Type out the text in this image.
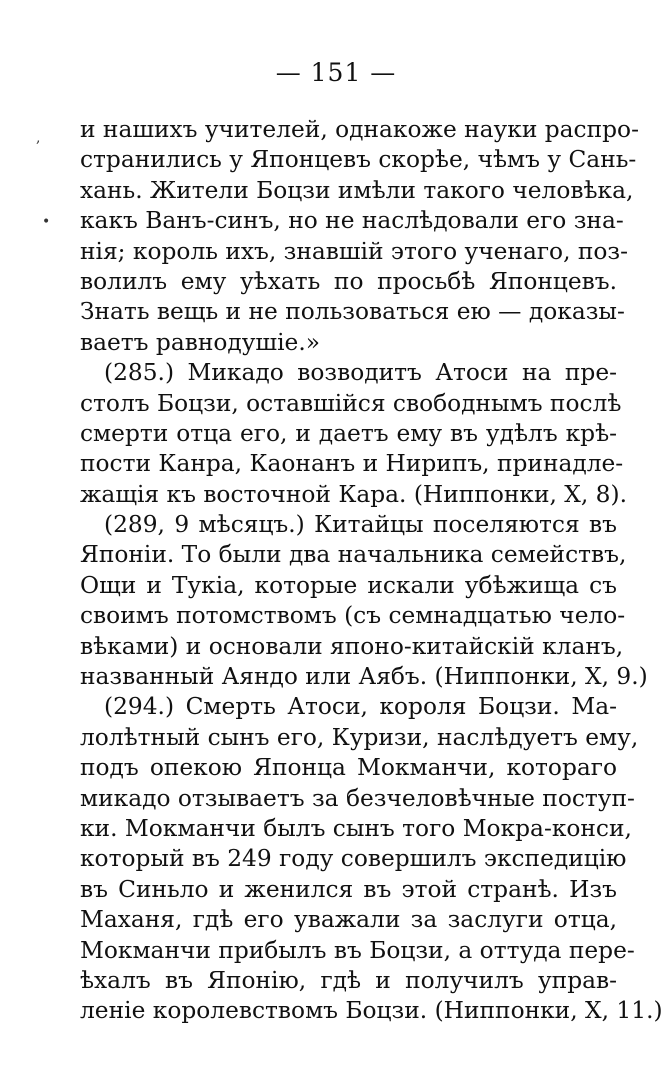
— 151 —
,
•
и нашихъ учителей, однакоже науки распро-
странились у Японцевъ скорѣе, чѣмъ у Сань-
хань. Жители Боцзи имѣли такого человѣка,
какъ Ванъ-синъ, но не наслѣдовали его зна-
нія; король ихъ, знавшій этого ученаго, поз-
волилъ ему уѣхать по просьбѣ Японцевъ.
Знать вещь и не пользоваться ею — доказы-
ваетъ равнодушіе.»
(285.) Микадо возводитъ Атоси на пре-
столъ Боцзи, оставшійся свободнымъ послѣ
смерти отца его, и даетъ ему въ удѣлъ крѣ-
пости Канра, Каонанъ и Нирипъ, принадле-
жащія къ восточной Кара. (Ниппонки, X, 8).
(289, 9 мѣсяцъ.) Китайцы поселяются въ
Японіи. То были два начальника семействъ,
Ощи и Тукіа, которые искали убѣжища съ
своимъ потомствомъ (съ семнадцатью чело-
вѣками) и основали японо-китайскій кланъ,
названный Аяндо или Аябъ. (Ниппонки, X, 9.)
(294.) Смерть Атоси, короля Боцзи. Ма-
лолѣтный сынъ его, Куризи, наслѣдуетъ ему,
подъ опекою Японца Мокманчи, котораго
микадо отзываетъ за безчеловѣчные поступ-
ки. Мокманчи былъ сынъ того Мокра-конси,
который въ 249 году совершилъ экспедицію
въ Синьло и женился въ этой странѣ. Изъ
Маханя, гдѣ его уважали за заслуги отца,
Мокманчи прибылъ въ Боцзи, а оттуда пере-
ѣхалъ въ Японію, гдѣ и получилъ управ-
леніе королевствомъ Боцзи. (Ниппонки, X, 11.)
